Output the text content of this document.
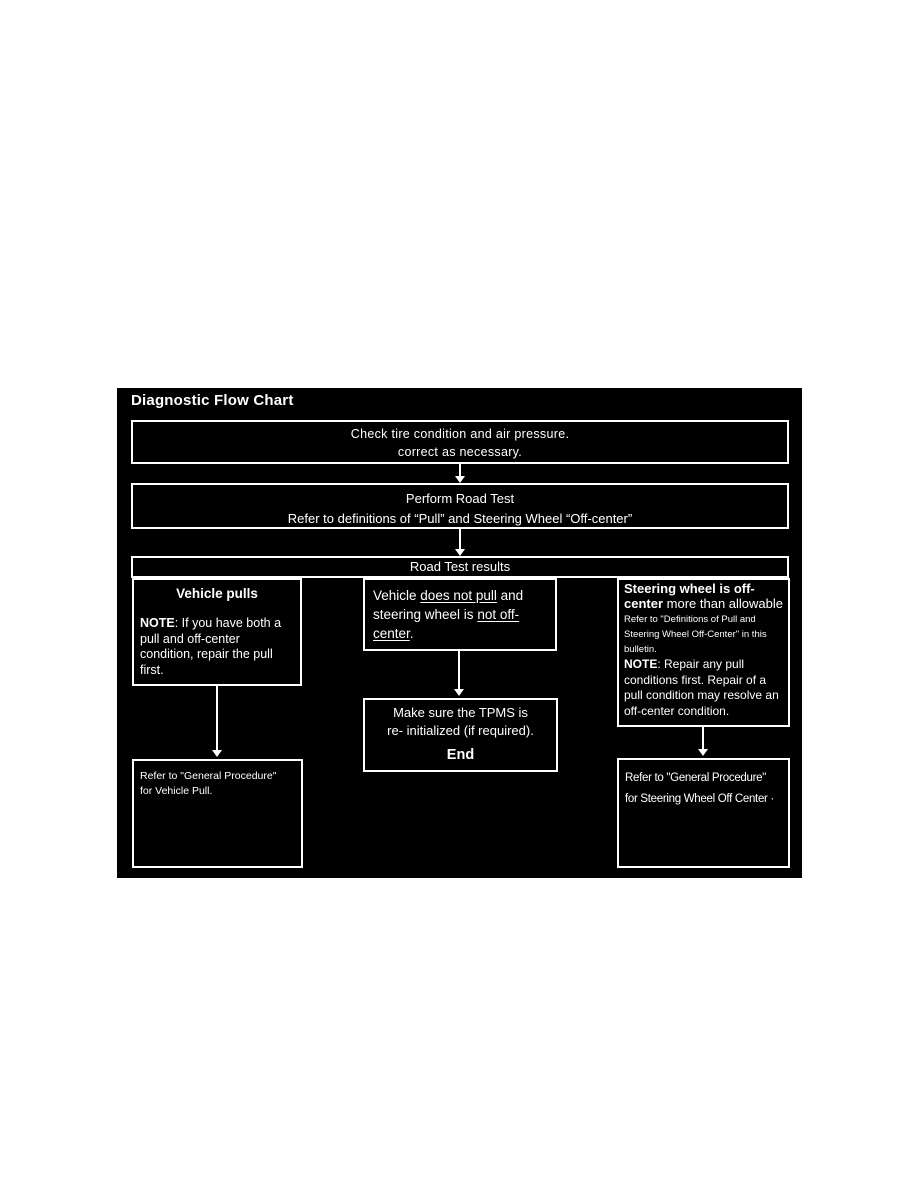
Diagnostic Flow Chart
Check tire condition and air pressure.
correct as necessary.
Perform Road Test
Refer to definitions of “Pull” and Steering Wheel “Off-center”
Road Test results
Vehicle pulls
NOTE: If you have both a pull and off-center condition, repair the pull first.
Vehicle does not pull and steering wheel is not off-center.
Steering wheel is off-center more than allowable Refer to "Definitions of Pull and Steering Wheel Off-Center" in this bulletin.
NOTE: Repair any pull conditions first. Repair of a pull condition may resolve an off-center condition.
Make sure the TPMS is
re- initialized (if required).
End
Refer to "General Procedure"
for Vehicle Pull.
Refer to "General Procedure"
for Steering Wheel Off Center ·
